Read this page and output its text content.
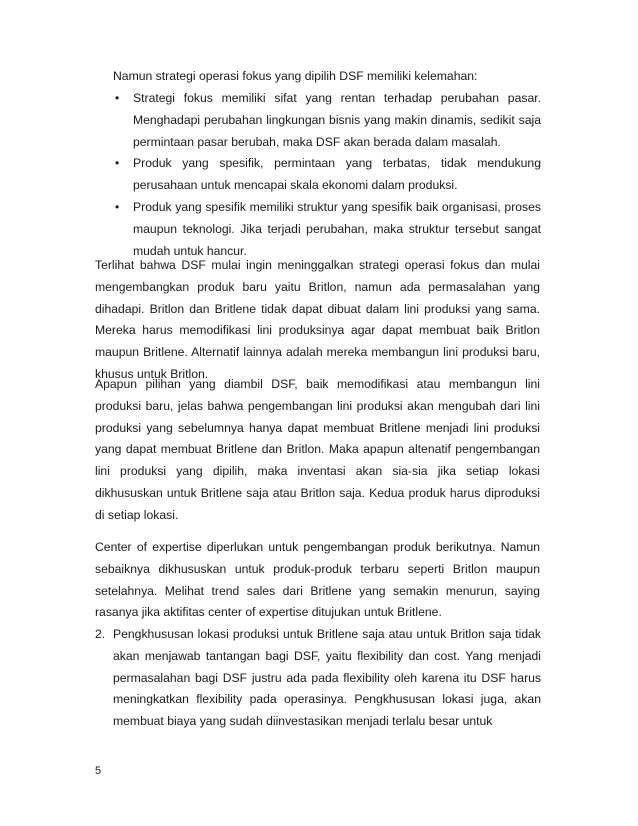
Namun strategi operasi fokus yang dipilih DSF memiliki kelemahan:

• Strategi fokus memiliki sifat yang rentan terhadap perubahan pasar. Menghadapi perubahan lingkungan bisnis yang makin dinamis, sedikit saja permintaan pasar berubah, maka DSF akan berada dalam masalah.
• Produk yang spesifik, permintaan yang terbatas, tidak mendukung perusahaan untuk mencapai skala ekonomi dalam produksi.
• Produk yang spesifik memiliki struktur yang spesifik baik organisasi, proses maupun teknologi. Jika terjadi perubahan, maka struktur tersebut sangat mudah untuk hancur.

Terlihat bahwa DSF mulai ingin meninggalkan strategi operasi fokus dan mulai mengembangkan produk baru yaitu Britlon, namun ada permasalahan yang dihadapi. Britlon dan Britlene tidak dapat dibuat dalam lini produksi yang sama. Mereka harus memodifikasi lini produksinya agar dapat membuat baik Britlon maupun Britlene. Alternatif lainnya adalah mereka membangun lini produksi baru, khusus untuk Britlon.

Apapun pilihan yang diambil DSF, baik memodifikasi atau membangun lini produksi baru, jelas bahwa pengembangan lini produksi akan mengubah dari lini produksi yang sebelumnya hanya dapat membuat Britlene menjadi lini produksi yang dapat membuat Britlene dan Britlon. Maka apapun altenatif pengembangan lini produksi yang dipilih, maka inventasi akan sia-sia jika setiap lokasi dikhususkan untuk Britlene saja atau Britlon saja. Kedua produk harus diproduksi di setiap lokasi.

Center of expertise diperlukan untuk pengembangan produk berikutnya. Namun sebaiknya dikhususkan untuk produk-produk terbaru seperti Britlon maupun setelahnya. Melihat trend sales dari Britlene yang semakin menurun, saying rasanya jika aktifitas center of expertise ditujukan untuk Britlene.

2. Pengkhususan lokasi produksi untuk Britlene saja atau untuk Britlon saja tidak akan menjawab tantangan bagi DSF, yaitu flexibility dan cost. Yang menjadi permasalahan bagi DSF justru ada pada flexibility oleh karena itu DSF harus meningkatkan flexibility pada operasinya. Pengkhususan lokasi juga, akan membuat biaya yang sudah diinvestasikan menjadi terlalu besar untuk
5
